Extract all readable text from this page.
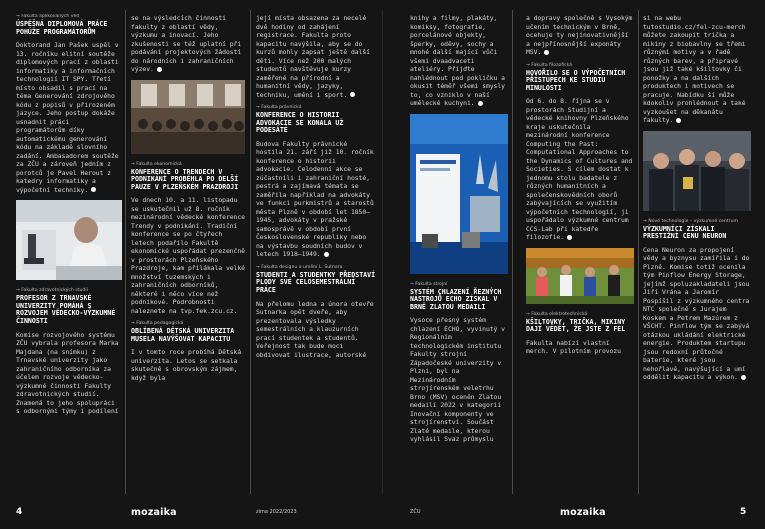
→ Fakulta aplikovaných věd
ÚSPĚŠNÁ DIPLOMOVÁ PRÁCE POHÚŽE PROGRAMÁTORŮM
Doktorand Jan Pašek uspěl v 13. ročníku elitní soutěže diplomových prací z oblasti informatiky a informačních technologií IT SPY. Třetí místo obsadil s prací na téma Generování zdrojového kódu z popisů v přirozeném jazyce. Jeho postup dokáže usnadnit práci programátorům díky automatickému generování kódu na základě slovního zadání. Ambasadorem soutěže za ZČU a zároveň jedním z porotců je Pavel Herout z katedry informatiky a výpočetní techniky.
→ Fakulta zdravotnických studií
PROFESOR Z TRNAVSKÉ UNIVERZITY POMÁHÁ S ROZVOJEM VĚDECKO-VÝZKUMNÉ ČINNOSTI
Komise rozvojového systému ZČU vybrala profesora Marka Majdana (na snímku) z Trnavské univerzity jako zahraničního odborníka za účelem rozvoje vědecko-výzkumné činnosti Fakulty zdravotnických studií. Znamená to jeho spolupráci s odbornými týmy i podílení
se na výsledcích činnosti fakulty z oblastí vědy, výzkumu a inovací. Jeho zkušenosti se též uplatní při podávání projektových žádostí do národních i zahraničních výzev.
→ Fakulta ekonomická
KONFERENCE O TRENDECH V PODNIKÁNÍ PROBĚHLA PO DELŠÍ PAUZE V PLZEŇSKÉM PRAZDROJI
Ve dnech 10. a 11. listopadu se uskutečnil už 8. ročník mezinárodní vědecké konference Trendy v podnikání. Tradiční konference se po čtyřech letech podařilo Fakultě ekonomické uspořádat prezenčně v prostorách Plzeňského Prazdroje, kam přilákala velké množství tuzemských i zahraničních odborníků, některé i něco více než podnikové. Podrobnosti naleznete na tvp.fek.zcu.cz.
→ Fakulta pedagogická
OBLÍBENÁ DĚTSKÁ UNIVERZITA MUSELA NAVÝŠOVAT KAPACITU
I v tomto roce probíhá Dětská univerzita. Letos se setkala skutečně s obrovským zájmem, když byla
její místa obsazena za necelé dvě hodiny od zahájení registrace. Fakulta proto kapacitu navýšila, aby se do kurzů mohly zapsat ještě další děti. Více než 200 malých studentů navštěvuje kurzy zaměřené na přírodní a humanitní vědy, jazyky, techniku, umění i sport.
→ Fakulta právnická
KONFERENCE O HISTORII ADVOKACIE SE KONALA UŽ PODESÁTÉ
Budova Fakulty právnické hostila 21. září již 10. ročník konference o historii advokacie. Celodenní akce se zúčastnili i zahraniční hosté, pestrá a zajímavá témata se zaměřila například na advokáty ve funkci purkmistrů a starostů města Plzně v období let 1850–1945, advokáty v pražské samosprávě v období první Československé republiky nebo na výstavbu soudních budov v letech 1918–1949.
→ Fakulta designu a umění L. Sutnara
STUDENTI A STUDENTKY PŘEDSTAVÍ PLODY SVÉ CELOSEMESTRÁLNÍ PRÁCE
Na přelomu ledna a února otevře Sutnarka opět dveře, aby prezentovala výsledky semestrálních a klauzurních prací studentek a studentů. Veřejnost tak bude moci obdivovat ilustrace, autorské
knihy a filmy, plakáty, komiksy, fotografie, porcelánové objekty, šperky, oděvy, sochy a mnohé další mající vůči všemi dvaadvaceti ateliéry. Přijďte nahlédnout pod pokličku a okusit téměř všemi smysly to, co vzniklo v naší umělecké kuchyni.
→ Fakulta strojní
SYSTÉM CHLAZENÍ ŘEZNÝCH NÁSTROJŮ ECHO ZÍSKAL V BRNĚ ZLATOU MEDAILI
Vysoce přesný systém chlazení ECHO, vyvinutý v Regionálním technologickém institutu Fakulty strojní Západočeské univerzity v Plzni, byl na Mezinárodním strojírenském veletrhu Brno (MSV) oceněn Zlatou medailí 2022 v kategorii Inovační komponenty ve strojírenství. Součást Zlaté medaile, kterou vyhlásil Svaz průmyslu
a dopravy společně s Vysokým učením technickým v Brně, ocehuje ty nejinovativnější a nejpřínosnější exponáty MSV.
→ Fakulta filozofická
HOVOŘILO SE O VÝPOČETNÍCH PŘÍSTUPECH KE STUDIU MINULOSTI
Od 6. do 8. října se v prostorách Studijní a vědecké knihovny Plzeňského kraje uskutečnila mezinárodní konference Computing the Past: Computational Approaches to the Dynamics of Cultures and Societies. S cílem dostat k jednomu stolu badatele z různých humanitních a společenskovědních oborů zabývajících se využitím výpočetních technologií, ji uspořádalo výzkumné centrum CCS-Lab při katedře filozofie.
→ Fakulta elektrotechnická
KŠILTOVKY, TRIČKA, MIKINY DAJÍ VĚDĚT, ŽE JSTE Z FEL
Fakulta nabízí vlastní merch. V pilotním provozu
si na webu tutostudio.cz/fel-zcu-merch můžete zakoupit trička a mikiny z biobavlny se třemi různými motivy a v řadě různých barev, a připravé jsou již také kšiltovky či ponožky a na dalších produktech i motivech se pracuje. Nabídku ší může kdokoliv prohlédnout a také vyzkoušet na děkanátu fakulty.
→ Nové technologie – výzkumné centrum
VÝZKUMNÍCI ZÍSKALI PRESTIŽNÍ CENU NEURON
Cena Neuron za propojení vědy a byznysu zamířila i do Plzně. Komise totiž ocenila tým Pinflow Energy Storage, jejímž spoluzakladateli jsou Jiří Vrána a Jaromír Pospíšil z výzkumného centra NTC společně s Jurajem Koskem a Petrem Mazúrem z VŠCHT. Pinflow tým se zabývá otázkou ukládání elektrické energie. Produktem startupu jsou redoxní průtočné baterie, které jsou nehořlavé, navýšující a umí oddělit kapacitu a výkon.
4	mozaika	zima 2022/2023	ZČU	mozaika	5
